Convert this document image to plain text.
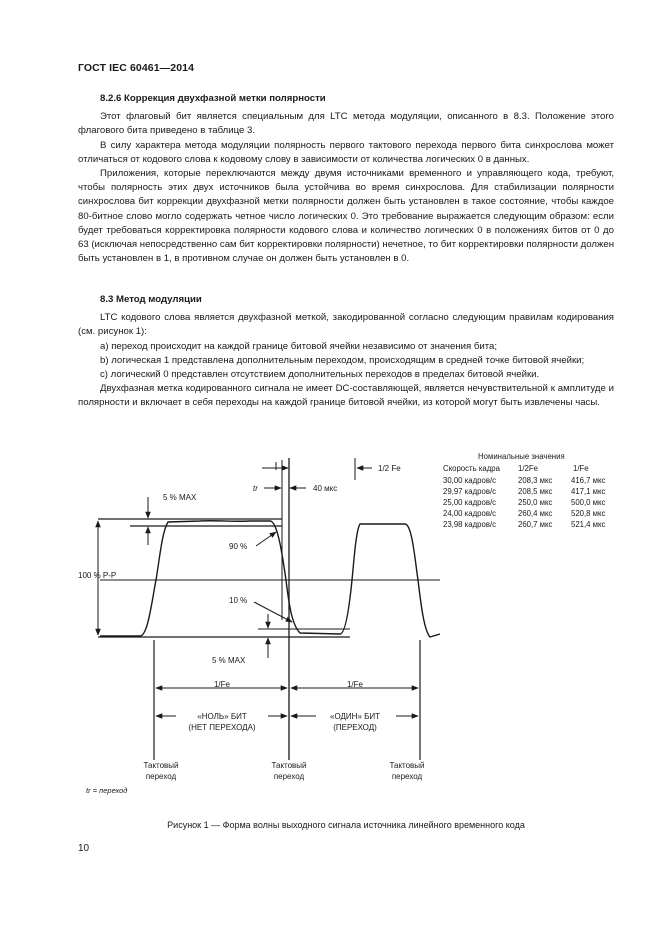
ГОСТ IEC 60461—2014

8.2.6 Коррекция двухфазной метки полярности

Этот флаговый бит является специальным для LTC метода модуляции, описанного в 8.3. Положение этого флагового бита приведено в таблице 3.

В силу характера метода модуляции полярность первого тактового перехода первого бита синхрослова может отличаться от кодового слова к кодовому слову в зависимости от количества логических 0 в данных.

Приложения, которые переключаются между двумя источниками временного и управляющего кода, требуют, чтобы полярность этих двух источников была устойчива во время синхрослова. Для стабилизации полярности синхрослова бит коррекции двухфазной метки полярности должен быть установлен в такое состояние, чтобы каждое 80-битное слово могло содержать четное число логических 0. Это требование выражается следующим образом: если будет требоваться корректировка полярности кодового слова и количество логических 0 в положениях битов от 0 до 63 (исключая непосредственно сам бит корректировки полярности) нечетное, то бит корректировки полярности должен быть установлен в 1, в противном случае он должен быть установлен в 0.

8.3 Метод модуляции

LTC кодового слова является двухфазной меткой, закодированной согласно следующим правилам кодирования (см. рисунок 1):

a) переход происходит на каждой границе битовой ячейки независимо от значения бита;

b) логическая 1 представлена дополнительным переходом, происходящим в средней точке битовой ячейки;

c) логический 0 представлен отсутствием дополнительных переходов в пределах битовой ячейки.

Двухфазная метка кодированного сигнала не имеет DC-составляющей, является нечувствительной к амплитуде и полярности и включает в себя переходы на каждой границе битовой ячейки, из которой могут быть извлечены часы.

1/2 Fe
tr	40 мкс
5 % MAX
90 %
100 % P-P
10 %
5 % MAX
1/Fe	1/Fe
«НОЛЬ» БИТ
(НЕТ ПЕРЕХОДА)
«ОДИН» БИТ
(ПЕРЕХОД)
Тактовый
переход
Тактовый
переход
Тактовый
переход
tr = переход
Номинальные значения
Скорость кадра 1/2Fe	1/Fe
30,00 кадров/с	208,3 мкс 416,7 мкс
29,97 кадров/с	208,5 мкс 417,1 мкс
25,00 кадров/с	250,0 мкс 500,0 мкс
24,00 кадров/с	260,4 мкс 520,8 мкс
23,98 кадров/с	260,7 мкс 521,4 мкс
Рисунок 1 — Форма волны выходного сигнала источника линейного временного кода
10
